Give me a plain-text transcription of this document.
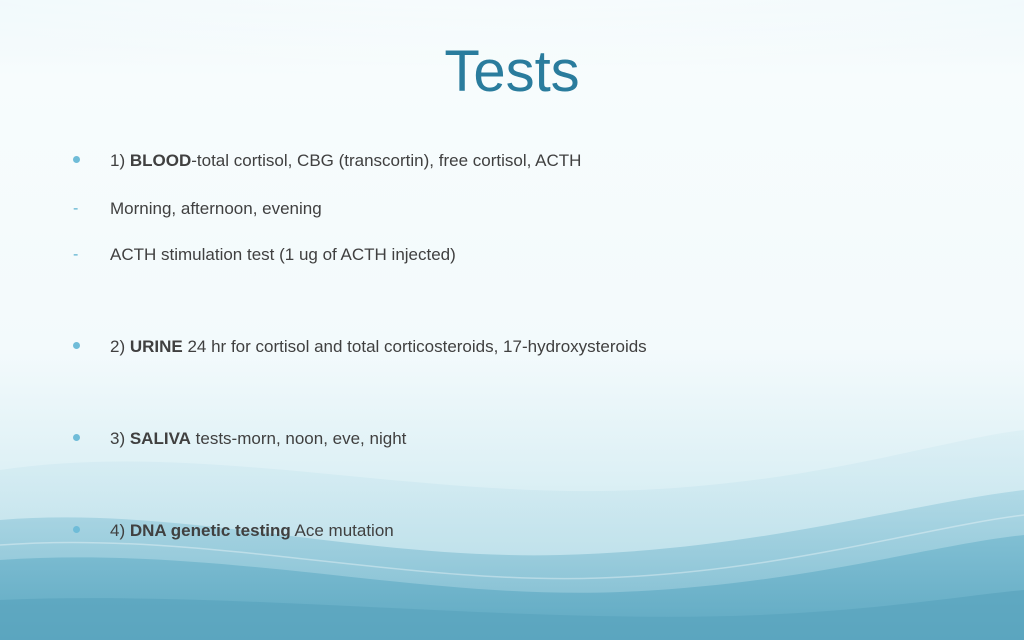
Tests
1) BLOOD-total cortisol, CBG (transcortin), free cortisol, ACTH
-	Morning, afternoon, evening
-	ACTH stimulation test (1 ug of ACTH injected)
2) URINE 24 hr for cortisol and total corticosteroids, 17-hydroxysteroids
3) SALIVA tests-morn, noon, eve, night
4) DNA genetic testing Ace mutation
